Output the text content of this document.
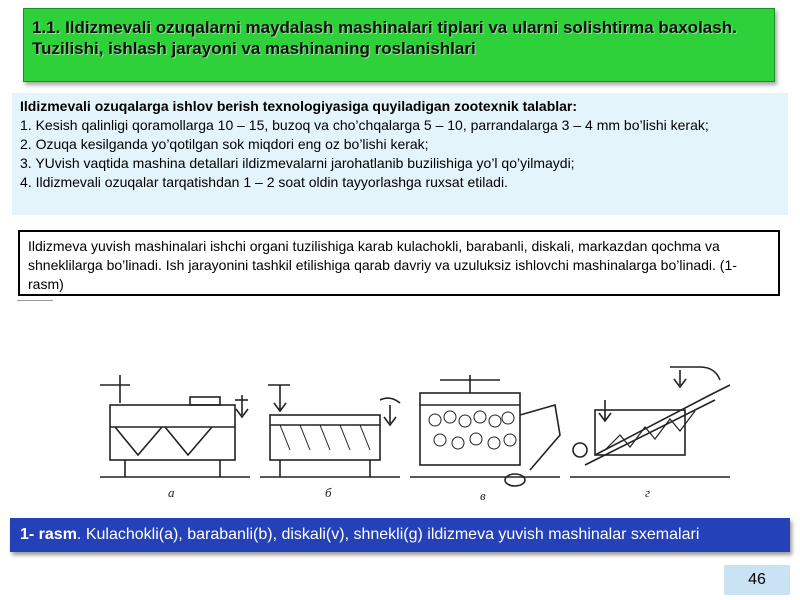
1.1. Ildizmevali ozuqalarni maydalash mashinalari tiplari va ularni solishtirma baxolash. Tuzilishi, ishlash jarayoni va mashinaning roslanishlari

Ildizmevali ozuqalarga ishlov berish texnologiyasiga quyiladigan zootexnik talablar:

1. Kesish qalinligi qoramollarga 10 – 15, buzoq va cho’chqalarga 5 – 10, parrandalarga 3 – 4 mm bo’lishi kerak;

2. Ozuqa kesilganda yo’qotilgan sok miqdori eng oz bo’lishi kerak;

3. YUvish vaqtida mashina detallari ildizmevalarni jarohatlanib buzilishiga yo’l qo’yilmaydi;

4. Ildizmevali ozuqalar tarqatishdan 1 – 2 soat oldin tayyorlashga ruxsat etiladi.

Ildizmeva yuvish mashinalari ishchi organi tuzilishiga karab kulachokli, barabanli, diskali, markazdan qochma va shneklilarga bo’linadi. Ish jarayonini tashkil etilishiga qarab davriy va uzuluksiz ishlovchi mashinalarga bo’linadi. (1-rasm)
а	б	в	г
1- rasm. Kulachokli(a), barabanli(b), diskali(v), shnekli(g) ildizmeva yuvish mashinalar sxemalari
46
